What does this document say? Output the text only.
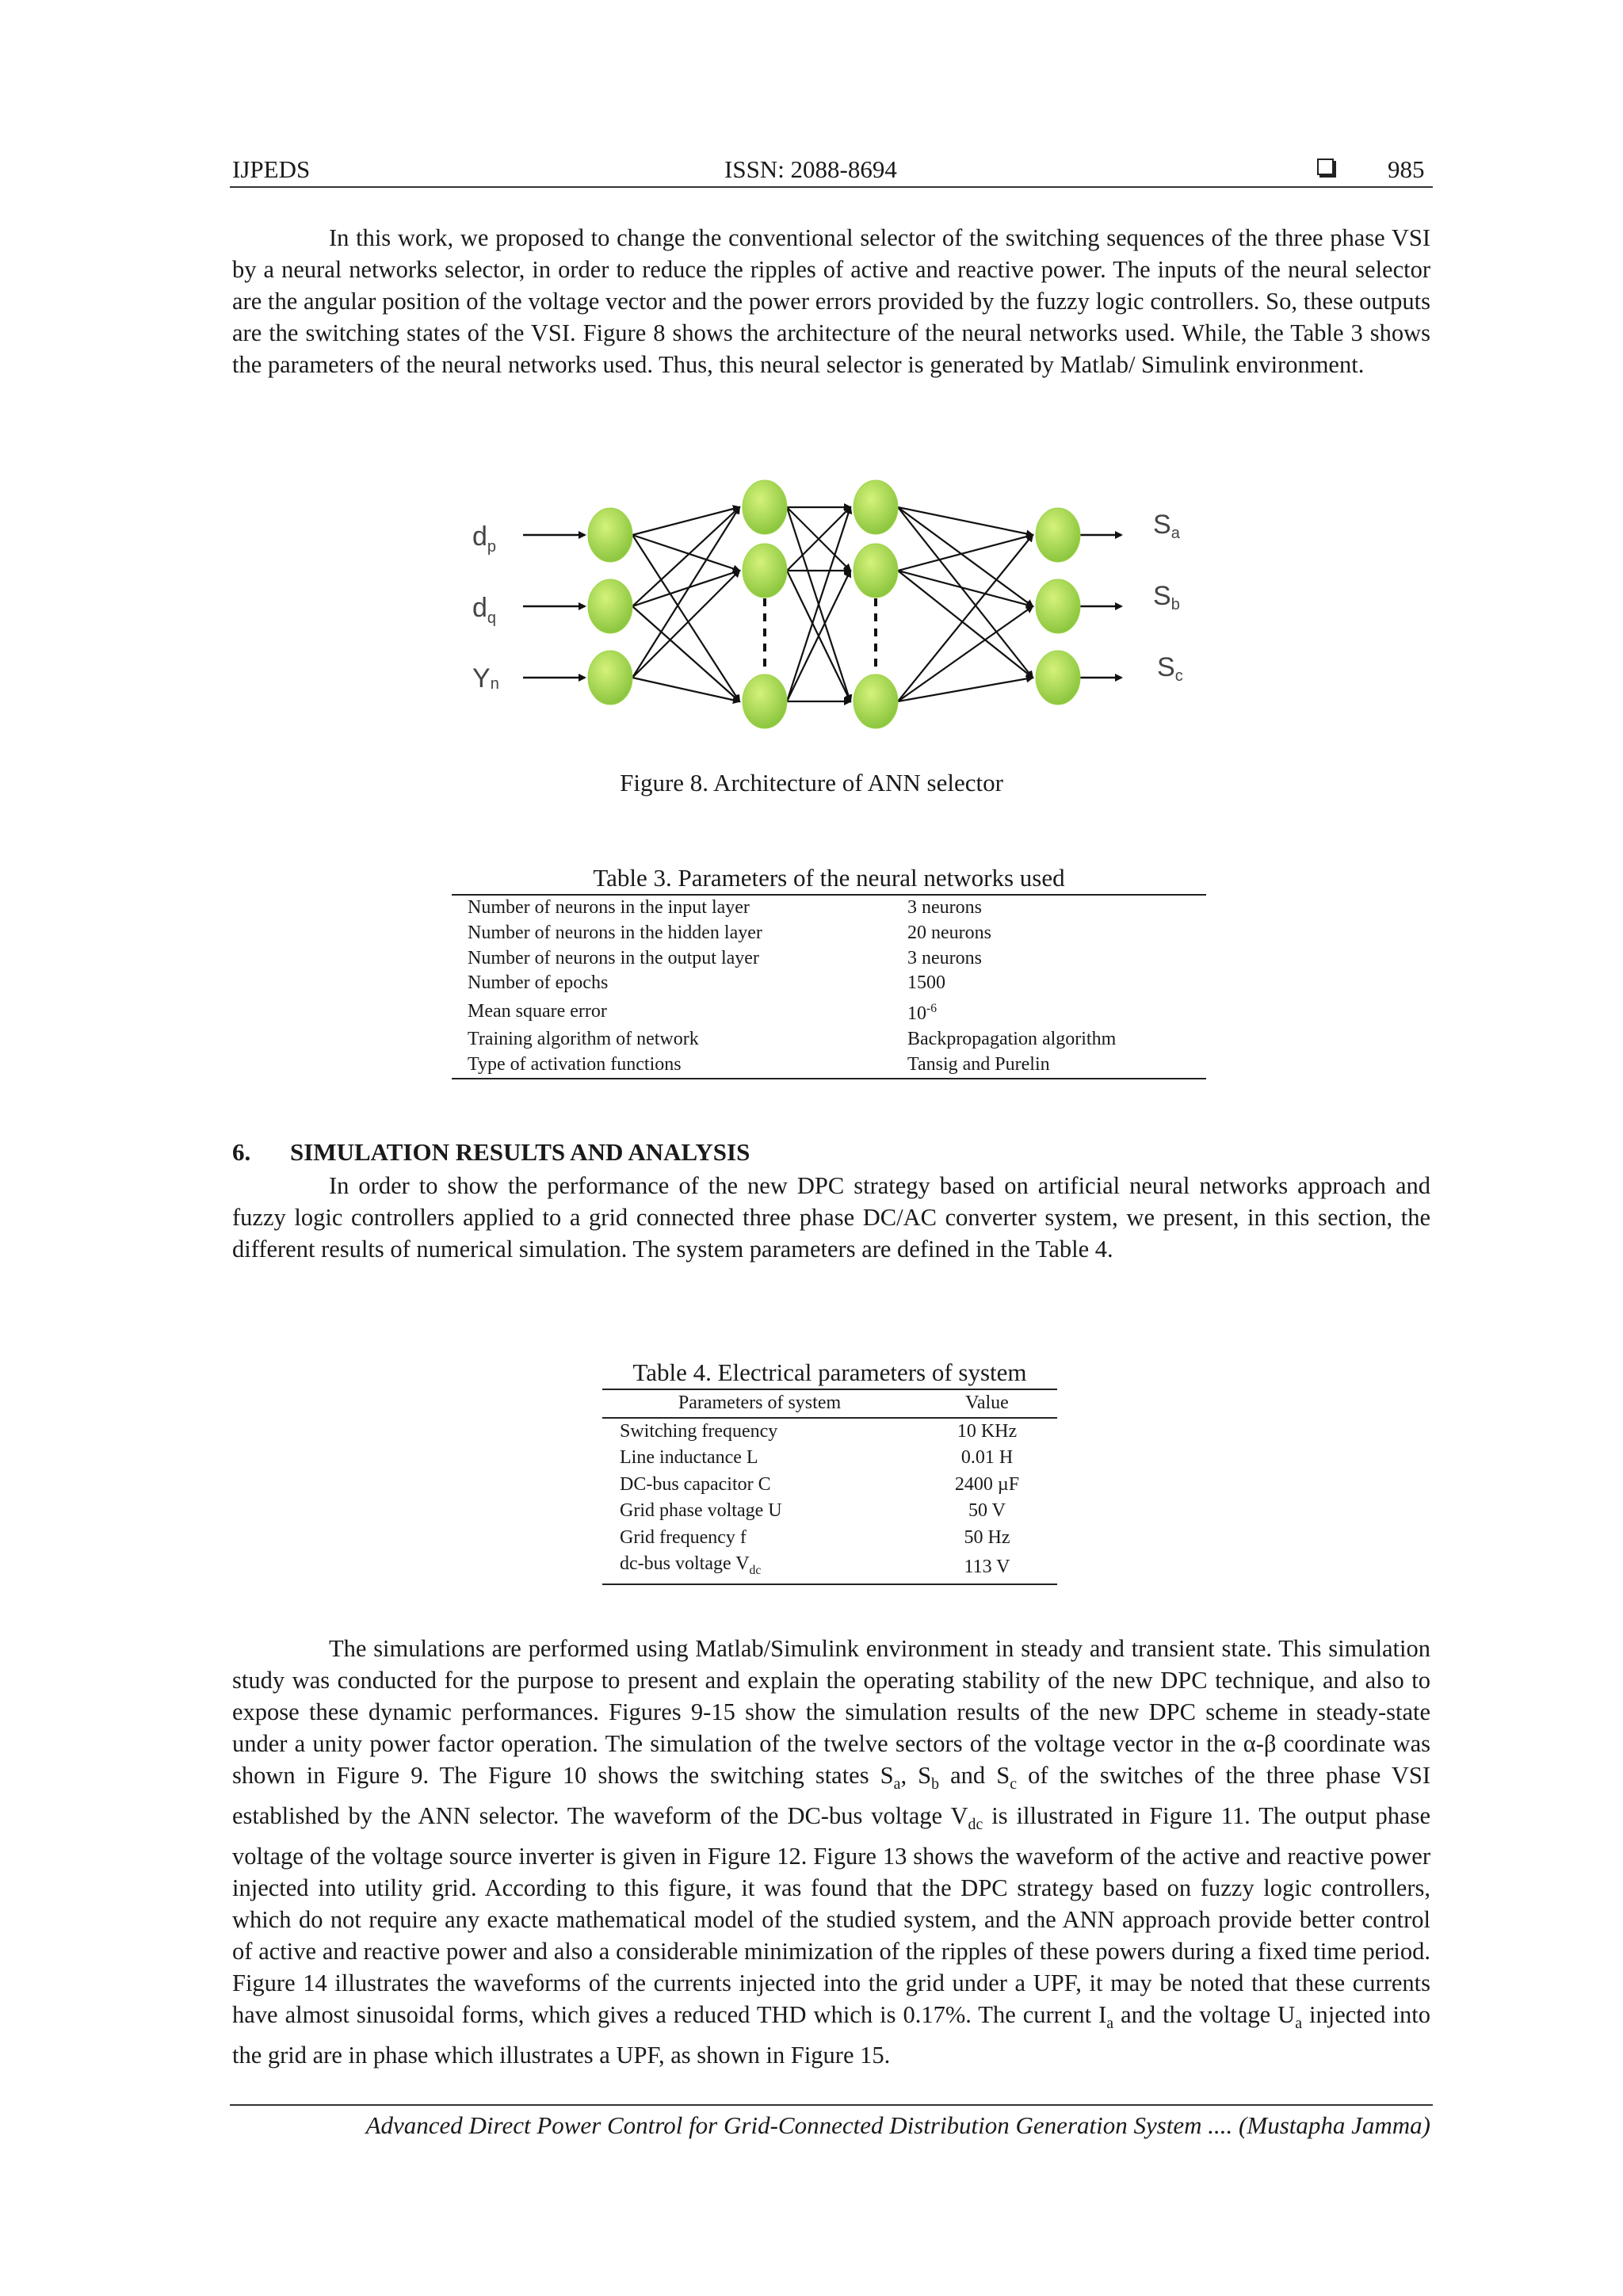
IJPEDS	ISSN: 2088-8694	985

In this work, we proposed to change the conventional selector of the switching sequences of the three phase VSI by a neural networks selector, in order to reduce the ripples of active and reactive power. The inputs of the neural selector are the angular position of the voltage vector and the power errors provided by the fuzzy logic controllers. So, these outputs are the switching states of the VSI. Figure 8 shows the architecture of the neural networks used. While, the Table 3 shows the parameters of the neural networks used. Thus, this neural selector is generated by Matlab/ Simulink environment.

$d_p$
$d_q$
Yn
Sa
Sb
Sc
Figure 8. Architecture of ANN selector
Table 3. Parameters of the neural networks used
Number of neurons in the input layer	3 neurons
Number of neurons in the hidden layer	20 neurons
Number of neurons in the output layer	3 neurons
Number of epochs	1500
Mean square error	$10^{-6}$
Training algorithm of network	Backpropagation algorithm
Type of activation functions	Tansig and Purelin
6. SIMULATION RESULTS AND ANALYSIS

In order to show the performance of the new DPC strategy based on artificial neural networks approach and fuzzy logic controllers applied to a grid connected three phase DC/AC converter system, we present, in this section, the different results of numerical simulation. The system parameters are defined in the Table 4.

Table 4. Electrical parameters of system
Parameters of system	Value
Switching frequency	10 KHz
Line inductance L	0.01 H
DC-bus capacitor C	2400 µF
Grid phase voltage U	50 V
Grid frequency f	50 Hz
dc-bus voltage $V_{dc}$	113 V

The simulations are performed using Matlab/Simulink environment in steady and transient state. This simulation study was conducted for the purpose to present and explain the operating stability of the new DPC technique, and also to expose these dynamic performances. Figures 9-15 show the simulation results of the new DPC scheme in steady-state under a unity power factor operation. The simulation of the twelve sectors of the voltage vector in the α-β coordinate was shown in Figure 9. The Figure 10 shows the switching states $S_a$, $S_b$ and $S_c$ of the switches of the three phase VSI established by the ANN selector. The waveform of the DC-bus voltage $V_{dc}$ is illustrated in Figure 11. The output phase voltage of the voltage source inverter is given in Figure 12. Figure 13 shows the waveform of the active and reactive power injected into utility grid. According to this figure, it was found that the DPC strategy based on fuzzy logic controllers, which do not require any exacte mathematical model of the studied system, and the ANN approach provide better control of active and reactive power and also a considerable minimization of the ripples of these powers during a fixed time period. Figure 14 illustrates the waveforms of the currents injected into the grid under a UPF, it may be noted that these currents have almost sinusoidal forms, which gives a reduced THD which is 0.17%. The current $I_a$ and the voltage $U_a$ injected into the grid are in phase which illustrates a UPF, as shown in Figure 15.

Advanced Direct Power Control for Grid-Connected Distribution Generation System .... (Mustapha Jamma)
